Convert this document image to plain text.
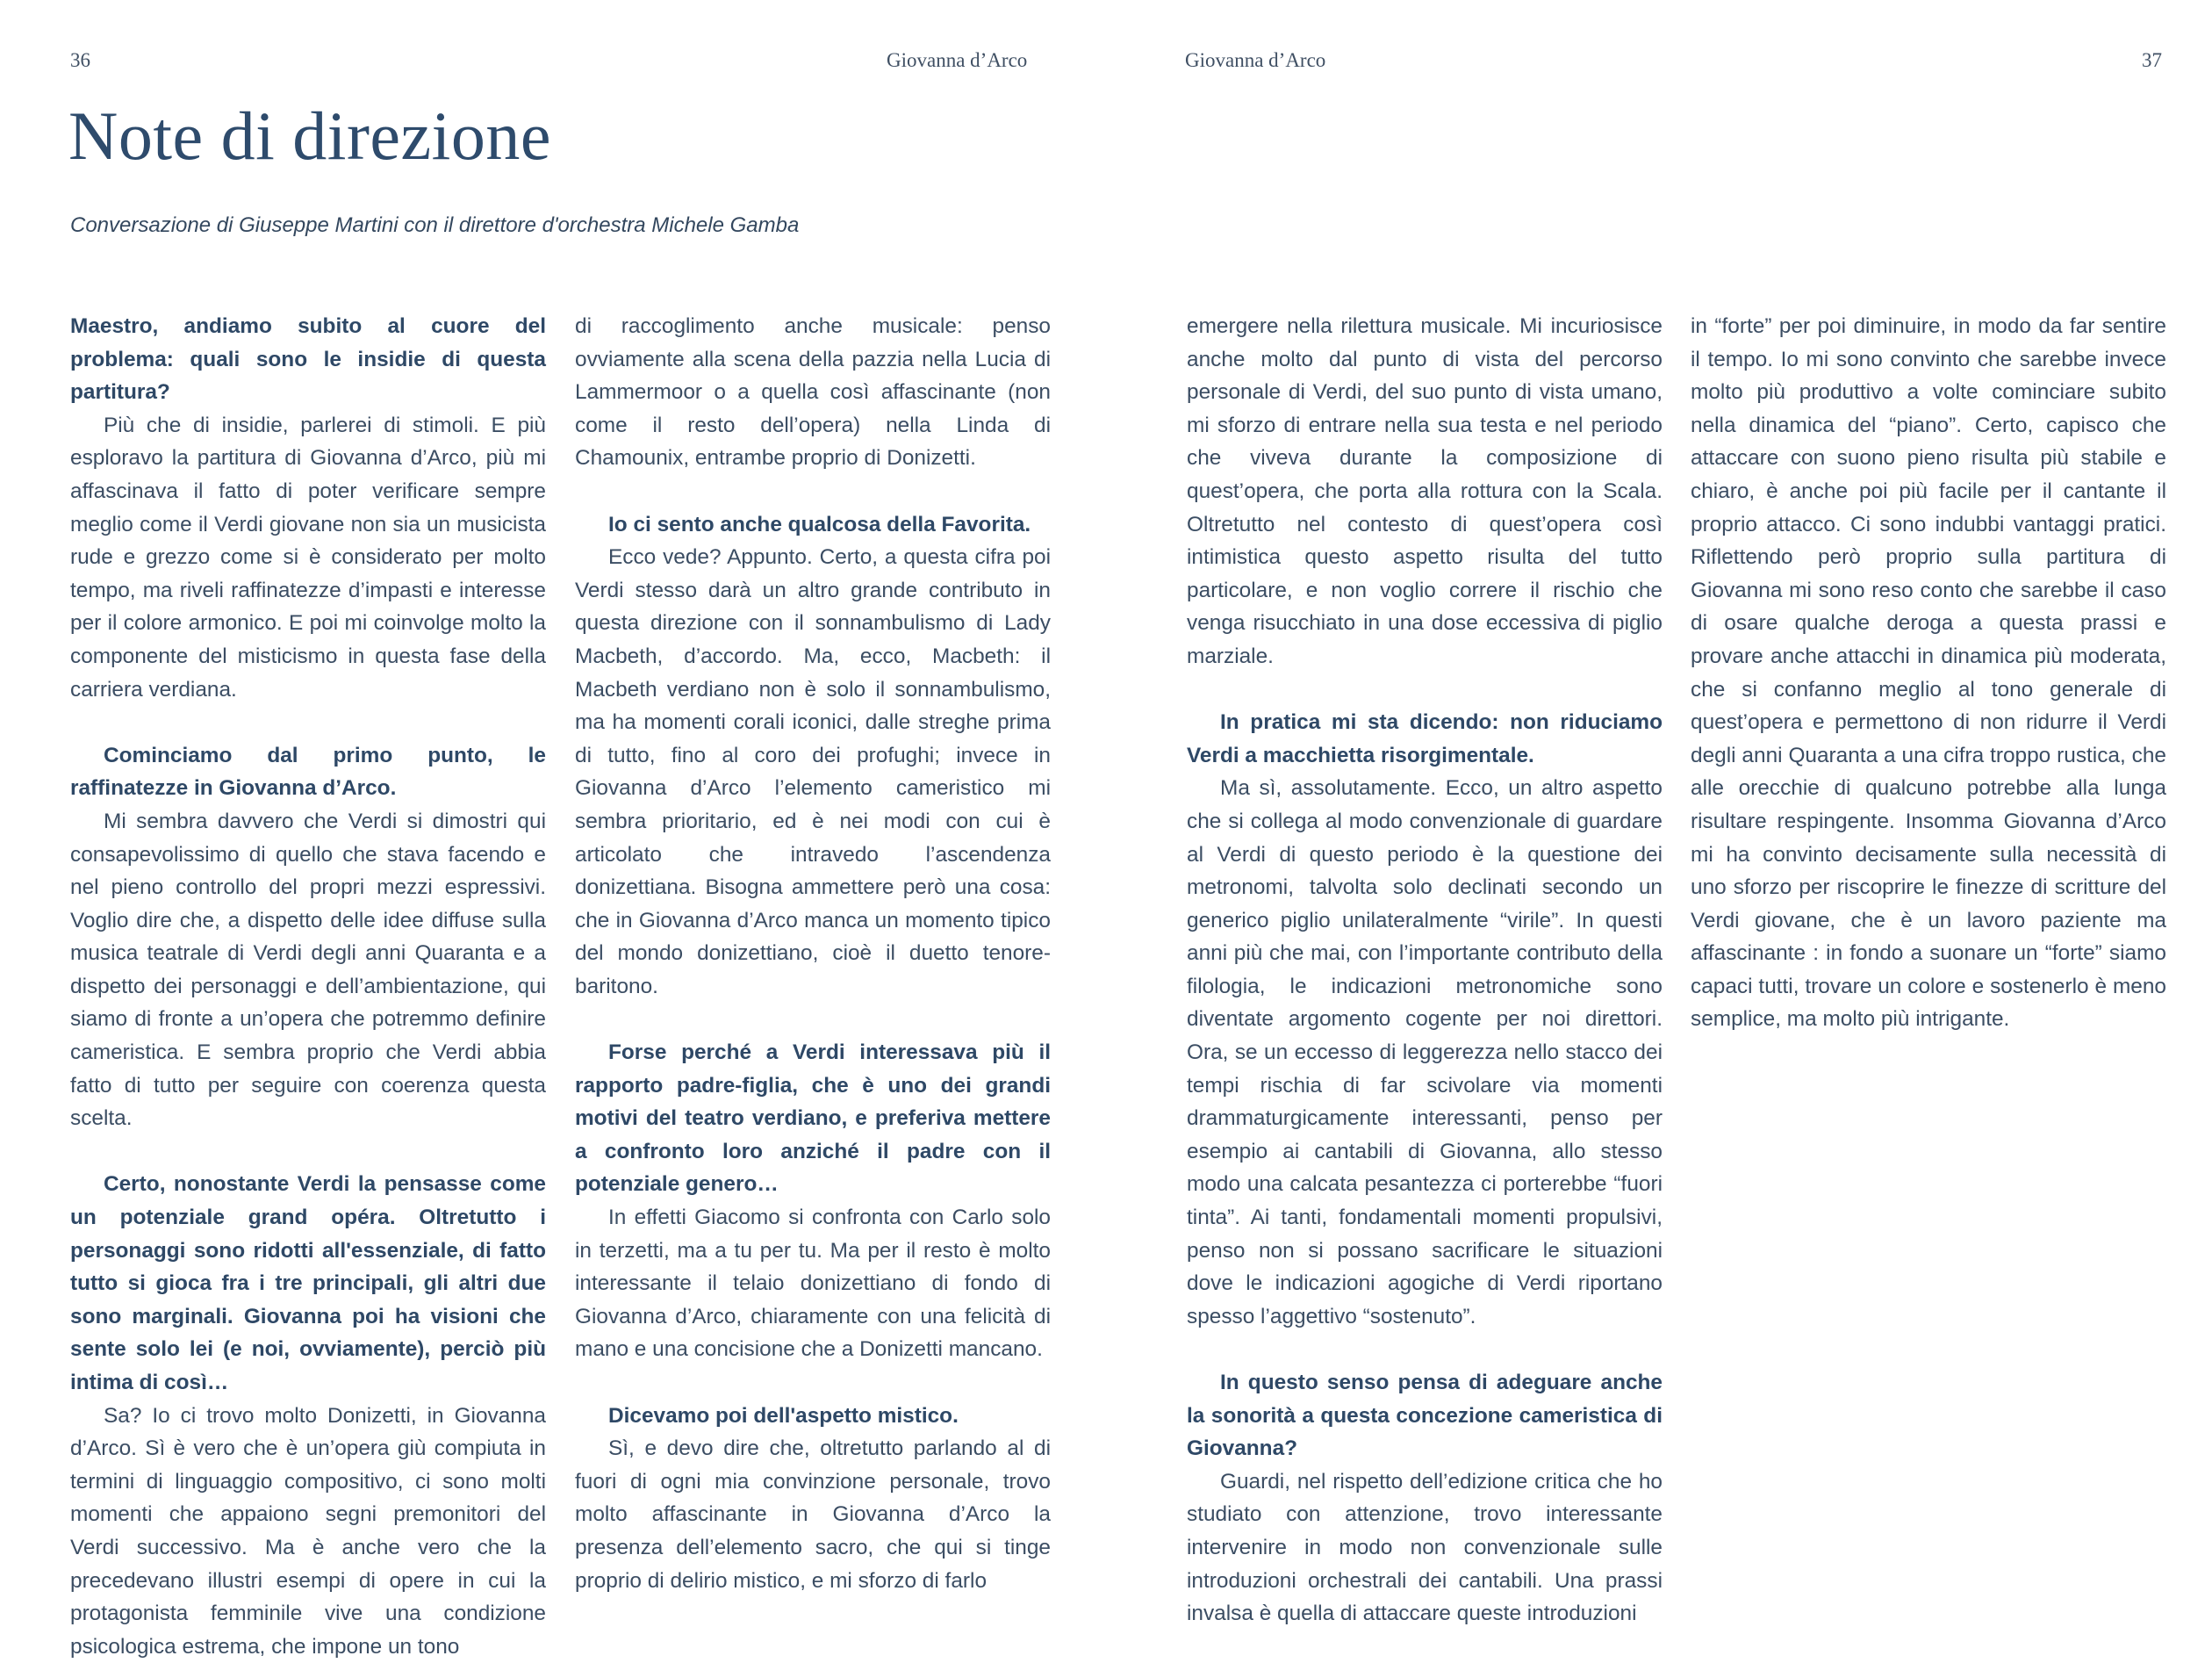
36	Giovanna d’Arco	Giovanna d’Arco	37
Note di direzione

Conversazione di Giuseppe Martini con il direttore d'orchestra Michele Gamba

Maestro, andiamo subito al cuore del problema: quali sono le insidie di questa partitura?

Più che di insidie, parlerei di stimoli. E più esploravo la partitura di Giovanna d’Arco, più mi affascinava il fatto di poter verificare sempre meglio come il Verdi giovane non sia un musicista rude e grezzo come si è considerato per molto tempo, ma riveli raffinatezze d’impasti e interesse per il colore armonico. E poi mi coinvolge molto la componente del misticismo in questa fase della carriera verdiana.

Cominciamo dal primo punto, le raffinatezze in Giovanna d’Arco.

Mi sembra davvero che Verdi si dimostri qui consapevolissimo di quello che stava facendo e nel pieno controllo del propri mezzi espressivi. Voglio dire che, a dispetto delle idee diffuse sulla musica teatrale di Verdi degli anni Quaranta e a dispetto dei personaggi e dell’ambientazione, qui siamo di fronte a un’opera che potremmo definire cameristica. E sembra proprio che Verdi abbia fatto di tutto per seguire con coerenza questa scelta.

Certo, nonostante Verdi la pensasse come un potenziale grand opéra. Oltretutto i personaggi sono ridotti all'essenziale, di fatto tutto si gioca fra i tre principali, gli altri due sono marginali. Giovanna poi ha visioni che sente solo lei (e noi, ovviamente), perciò più intima di così…

Sa? Io ci trovo molto Donizetti, in Giovanna d’Arco. Sì è vero che è un’opera giù compiuta in termini di linguaggio compositivo, ci sono molti momenti che appaiono segni premonitori del Verdi successivo. Ma è anche vero che la precedevano illustri esempi di opere in cui la protagonista femminile vive una condizione psicologica estrema, che impone un tono

di raccoglimento anche musicale: penso ovviamente alla scena della pazzia nella Lucia di Lammermoor o a quella così affascinante (non come il resto dell’opera) nella Linda di Chamounix, entrambe proprio di Donizetti.

Io ci sento anche qualcosa della Favorita.

Ecco vede? Appunto. Certo, a questa cifra poi Verdi stesso darà un altro grande contributo in questa direzione con il sonnambulismo di Lady Macbeth, d’accordo. Ma, ecco, Macbeth: il Macbeth verdiano non è solo il sonnambulismo, ma ha momenti corali iconici, dalle streghe prima di tutto, fino al coro dei profughi; invece in Giovanna d’Arco l’elemento cameristico mi sembra prioritario, ed è nei modi con cui è articolato che intravedo l’ascendenza donizettiana. Bisogna ammettere però una cosa: che in Giovanna d’Arco manca un momento tipico del mondo donizettiano, cioè il duetto tenore-baritono.

Forse perché a Verdi interessava più il rapporto padre-figlia, che è uno dei grandi motivi del teatro verdiano, e preferiva mettere a confronto loro anziché il padre con il potenziale genero…

In effetti Giacomo si confronta con Carlo solo in terzetti, ma a tu per tu. Ma per il resto è molto interessante il telaio donizettiano di fondo di Giovanna d’Arco, chiaramente con una felicità di mano e una concisione che a Donizetti mancano.

Dicevamo poi dell'aspetto mistico.

Sì, e devo dire che, oltretutto parlando al di fuori di ogni mia convinzione personale, trovo molto affascinante in Giovanna d’Arco la presenza dell’elemento sacro, che qui si tinge proprio di delirio mistico, e mi sforzo di farlo

emergere nella rilettura musicale. Mi incuriosisce anche molto dal punto di vista del percorso personale di Verdi, del suo punto di vista umano, mi sforzo di entrare nella sua testa e nel periodo che viveva durante la composizione di quest’opera, che porta alla rottura con la Scala. Oltretutto nel contesto di quest’opera così intimistica questo aspetto risulta del tutto particolare, e non voglio correre il rischio che venga risucchiato in una dose eccessiva di piglio marziale.

In pratica mi sta dicendo: non riduciamo Verdi a macchietta risorgimentale.

Ma sì, assolutamente. Ecco, un altro aspetto che si collega al modo convenzionale di guardare al Verdi di questo periodo è la questione dei metronomi, talvolta solo declinati secondo un generico piglio unilateralmente “virile”. In questi anni più che mai, con l’importante contributo della filologia, le indicazioni metronomiche sono diventate argomento cogente per noi direttori. Ora, se un eccesso di leggerezza nello stacco dei tempi rischia di far scivolare via momenti drammaturgicamente interessanti, penso per esempio ai cantabili di Giovanna, allo stesso modo una calcata pesantezza ci porterebbe “fuori tinta”. Ai tanti, fondamentali momenti propulsivi, penso non si possano sacrificare le situazioni dove le indicazioni agogiche di Verdi riportano spesso l’aggettivo “sostenuto”.

In questo senso pensa di adeguare anche la sonorità a questa concezione cameristica di Giovanna?

Guardi, nel rispetto dell’edizione critica che ho studiato con attenzione, trovo interessante intervenire in modo non convenzionale sulle introduzioni orchestrali dei cantabili. Una prassi invalsa è quella di attaccare queste introduzioni

in “forte” per poi diminuire, in modo da far sentire il tempo. Io mi sono convinto che sarebbe invece molto più produttivo a volte cominciare subito nella dinamica del “piano”. Certo, capisco che attaccare con suono pieno risulta più stabile e chiaro, è anche poi più facile per il cantante il proprio attacco. Ci sono indubbi vantaggi pratici. Riflettendo però proprio sulla partitura di Giovanna mi sono reso conto che sarebbe il caso di osare qualche deroga a questa prassi e provare anche attacchi in dinamica più moderata, che si confanno meglio al tono generale di quest’opera e permettono di non ridurre il Verdi degli anni Quaranta a una cifra troppo rustica, che alle orecchie di qualcuno potrebbe alla lunga risultare respingente. Insomma Giovanna d’Arco mi ha convinto decisamente sulla necessità di uno sforzo per riscoprire le finezze di scritture del Verdi giovane, che è un lavoro paziente ma affascinante : in fondo a suonare un “forte” siamo capaci tutti, trovare un colore e sostenerlo è meno semplice, ma molto più intrigante.
